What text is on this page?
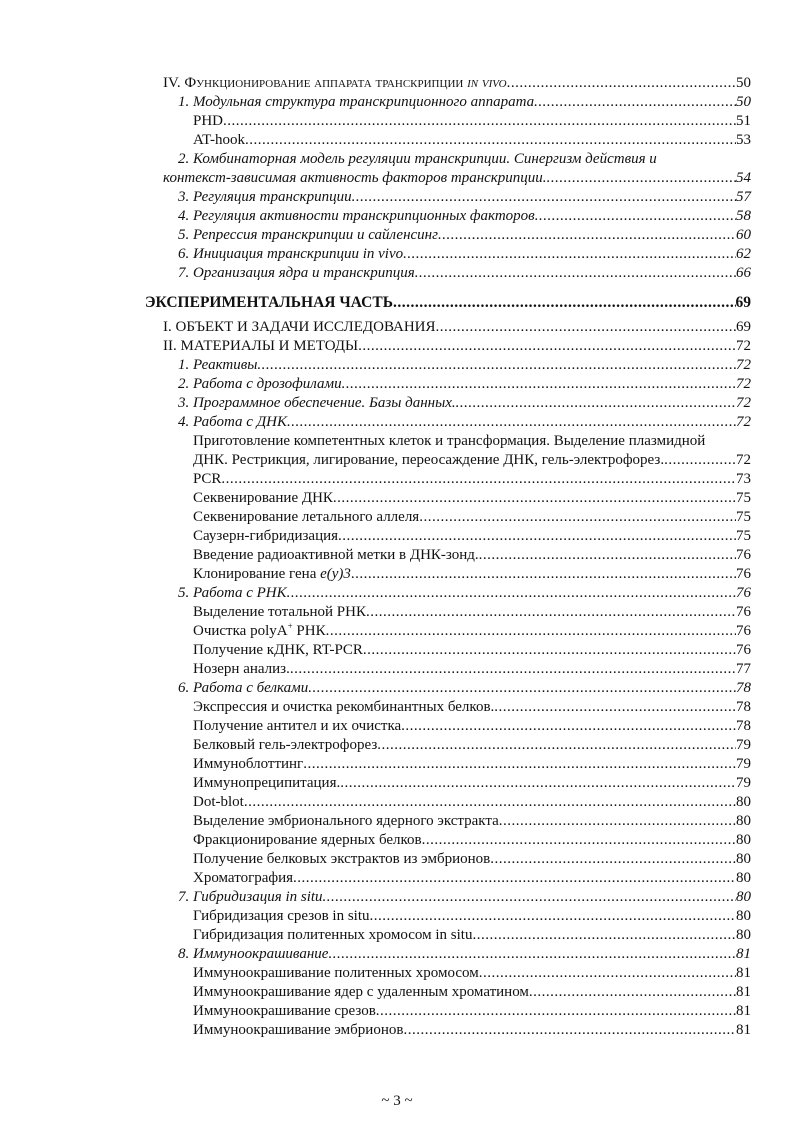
IV. Функционирование аппарата транскрипции in vivo .....	50
1. Модульная структура транскрипционного аппарата .....	50
PHD .....	51
AT-hook .....	53
2. Комбинаторная модель регуляции транскрипции. Синергизм действия и
контекст-зависимая активность факторов транскрипции. .....	54
3. Регуляция транскрипции .....	57
4. Регуляция активности транскрипционных факторов .....	58
5. Репрессия транскрипции и сайленсинг .....	60
6. Инициация транскрипции in vivo .....	62
7. Организация ядра и транскрипция .....	66
ЭКСПЕРИМЕНТАЛЬНАЯ ЧАСТЬ .....	69
I. ОБЪЕКТ И ЗАДАЧИ ИССЛЕДОВАНИЯ .....	69
II. МАТЕРИАЛЫ И МЕТОДЫ .....	72
1. Реактивы .....	72
2. Работа с дрозофилами .....	72
3. Программное обеспечение. Базы данных. .....	72
4. Работа с ДНК .....	72
Приготовление компетентных клеток и трансформация. Выделение плазмидной
ДНК. Рестрикция, лигирование, переосаждение ДНК, гель-электрофорез. .....	72
PCR .....	73
Секвенирование ДНК .....	75
Секвенирование летального аллеля .....	75
Саузерн-гибридизация .....	75
Введение радиоактивной метки в ДНК-зонд. .....	76
Клонирование гена e(y)3 .....	76
5. Работа с РНК .....	76
Выделение тотальной РНК .....	76
Очистка polyA+ РНК .....	76
Получение кДНК, RT-PCR .....	76
Нозерн анализ. .....	77
6. Работа с белками .....	78
Экспрессия и очистка рекомбинантных белков. .....	78
Получение антител и их очистка .....	78
Белковый гель-электрофорез .....	79
Иммуноблоттинг .....	79
Иммунопреципитация. .....	79
Dot-blot .....	80
Выделение эмбрионального ядерного экстракта .....	80
Фракционирование ядерных белков .....	80
Получение белковых экстрактов из эмбрионов .....	80
Хроматография .....	80
7. Гибридизация in situ .....	80
Гибридизация срезов in situ .....	80
Гибридизация политенных хромосом in situ .....	80
8. Иммуноокрашивание .....	81
Иммуноокрашивание политенных хромосом .....	81
Иммуноокрашивание ядер с удаленным хроматином .....	81
Иммуноокрашивание срезов .....	81
Иммуноокрашивание эмбрионов .....	81
~ 3 ~
